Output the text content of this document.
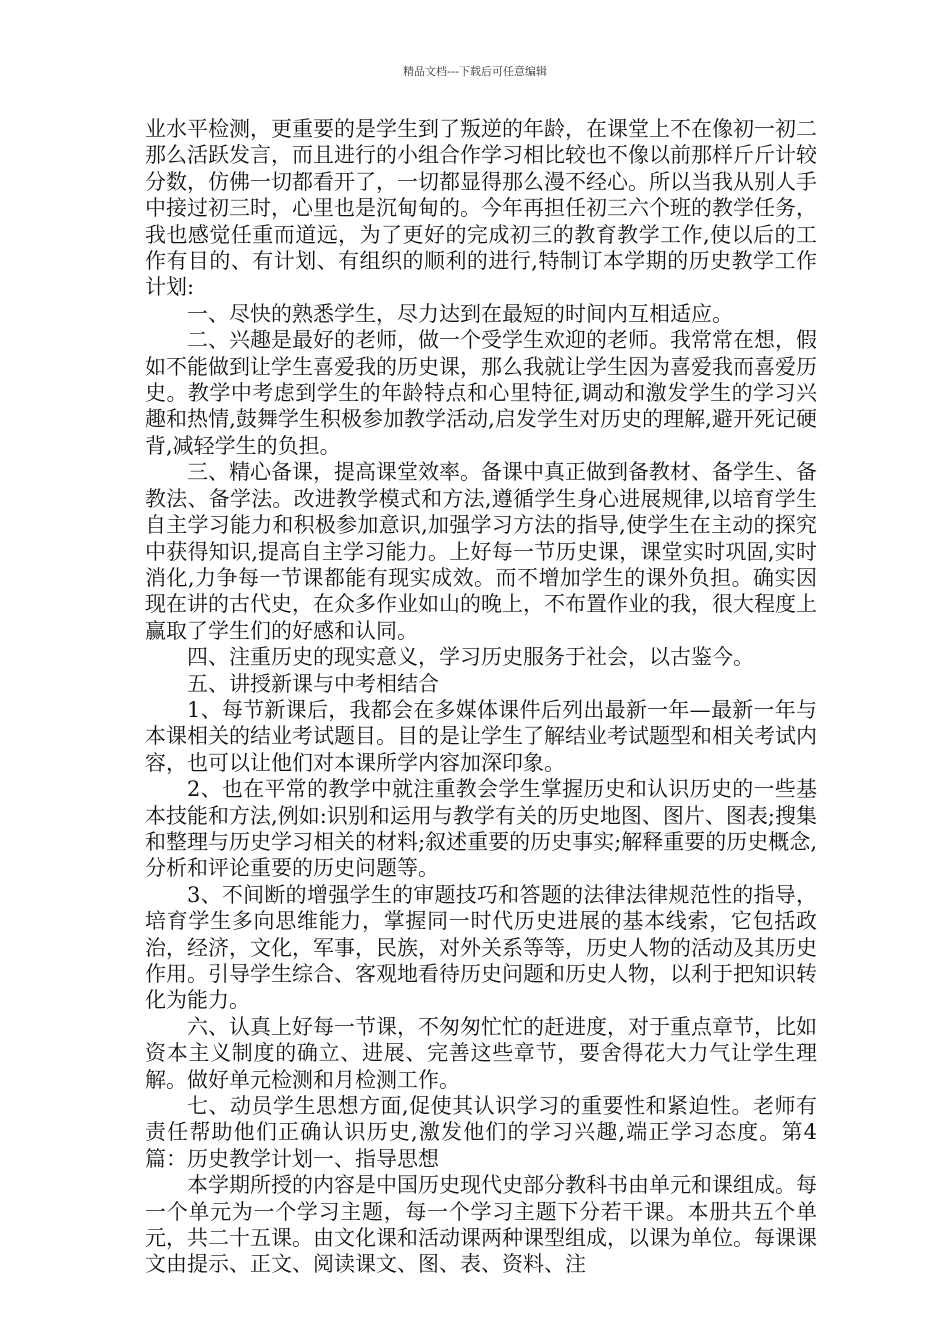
精品文档---下载后可任意编辑

业水平检测，更重要的是学生到了叛逆的年龄，在课堂上不在像初一初二那么活跃发言，而且进行的小组合作学习相比较也不像以前那样斤斤计较分数，仿佛一切都看开了，一切都显得那么漫不经心。所以当我从别人手中接过初三时，心里也是沉甸甸的。今年再担任初三六个班的教学任务，我也感觉任重而道远，为了更好的完成初三的教育教学工作,使以后的工作有目的、有计划、有组织的顺利的进行,特制订本学期的历史教学工作计划:

一、尽快的熟悉学生，尽力达到在最短的时间内互相适应。

二、兴趣是最好的老师，做一个受学生欢迎的老师。我常常在想，假如不能做到让学生喜爱我的历史课，那么我就让学生因为喜爱我而喜爱历史。教学中考虑到学生的年龄特点和心里特征,调动和激发学生的学习兴趣和热情,鼓舞学生积极参加教学活动,启发学生对历史的理解,避开死记硬背,减轻学生的负担。

三、精心备课，提高课堂效率。备课中真正做到备教材、备学生、备教法、备学法。改进教学模式和方法,遵循学生身心进展规律,以培育学生自主学习能力和积极参加意识,加强学习方法的指导,使学生在主动的探究中获得知识,提高自主学习能力。上好每一节历史课，课堂实时巩固,实时消化,力争每一节课都能有现实成效。而不增加学生的课外负担。确实因现在讲的古代史，在众多作业如山的晚上，不布置作业的我，很大程度上赢取了学生们的好感和认同。

四、注重历史的现实意义，学习历史服务于社会，以古鉴今。

五、讲授新课与中考相结合

1、每节新课后，我都会在多媒体课件后列出最新一年—最新一年与本课相关的结业考试题目。目的是让学生了解结业考试题型和相关考试内容，也可以让他们对本课所学内容加深印象。

2、也在平常的教学中就注重教会学生掌握历史和认识历史的一些基本技能和方法,例如:识别和运用与教学有关的历史地图、图片、图表;搜集和整理与历史学习相关的材料;叙述重要的历史事实;解释重要的历史概念,分析和评论重要的历史问题等。

3、不间断的增强学生的审题技巧和答题的法律法律规范性的指导，培育学生多向思维能力，掌握同一时代历史进展的基本线索，它包括政治，经济，文化，军事，民族，对外关系等等，历史人物的活动及其历史作用。引导学生综合、客观地看待历史问题和历史人物，以利于把知识转化为能力。

六、认真上好每一节课，不匆匆忙忙的赶进度，对于重点章节，比如资本主义制度的确立、进展、完善这些章节，要舍得花大力气让学生理解。做好单元检测和月检测工作。

七、动员学生思想方面,促使其认识学习的重要性和紧迫性。老师有责任帮助他们正确认识历史,激发他们的学习兴趣,端正学习态度。第4篇：历史教学计划一、指导思想

本学期所授的内容是中国历史现代史部分教科书由单元和课组成。每一个单元为一个学习主题，每一个学习主题下分若干课。本册共五个单元，共二十五课。由文化课和活动课两种课型组成，以课为单位。每课课文由提示、正文、阅读课文、图、表、资料、注
